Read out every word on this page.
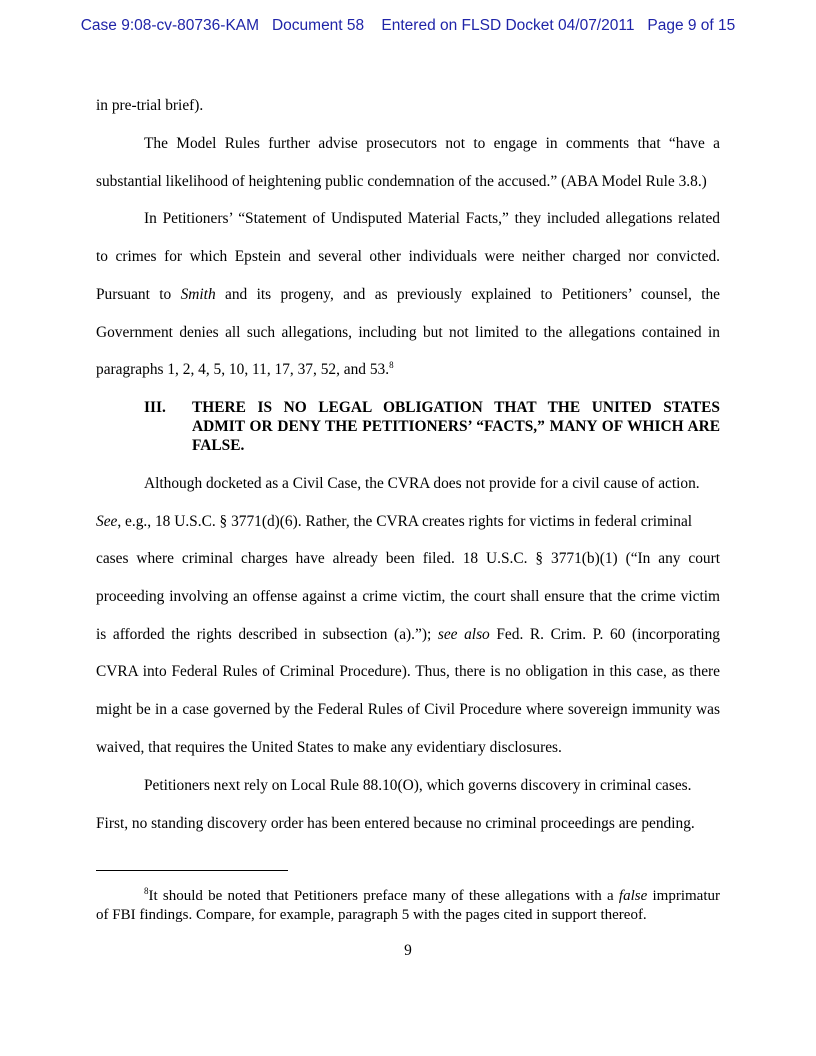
Case 9:08-cv-80736-KAM Document 58 Entered on FLSD Docket 04/07/2011 Page 9 of 15
in pre-trial brief).
The Model Rules further advise prosecutors not to engage in comments that “have a
substantial likelihood of heightening public condemnation of the accused.” (ABA Model Rule 3.8.)
In Petitioners’ “Statement of Undisputed Material Facts,” they included allegations related
to crimes for which Epstein and several other individuals were neither charged nor convicted.
Pursuant to Smith and its progeny, and as previously explained to Petitioners’ counsel, the
Government denies all such allegations, including but not limited to the allegations contained in
paragraphs 1, 2, 4, 5, 10, 11, 17, 37, 52, and 53.$^8$
III.	THERE IS NO LEGAL OBLIGATION THAT THE UNITED STATES
ADMIT OR DENY THE PETITIONERS’ “FACTS,” MANY OF WHICH ARE
FALSE.
Although docketed as a Civil Case, the CVRA does not provide for a civil cause of action.
See, e.g., 18 U.S.C. § 3771(d)(6). Rather, the CVRA creates rights for victims in federal criminal
cases where criminal charges have already been filed. 18 U.S.C. § 3771(b)(1) (“In any court
proceeding involving an offense against a crime victim, the court shall ensure that the crime victim
is afforded the rights described in subsection (a).”); see also Fed. R. Crim. P. 60 (incorporating
CVRA into Federal Rules of Criminal Procedure). Thus, there is no obligation in this case, as there
might be in a case governed by the Federal Rules of Civil Procedure where sovereign immunity was
waived, that requires the United States to make any evidentiary disclosures.
Petitioners next rely on Local Rule 88.10(O), which governs discovery in criminal cases.
First, no standing discovery order has been entered because no criminal proceedings are pending.
$^8$It should be noted that Petitioners preface many of these allegations with a false imprimatur
of FBI findings. Compare, for example, paragraph 5 with the pages cited in support thereof.
9
